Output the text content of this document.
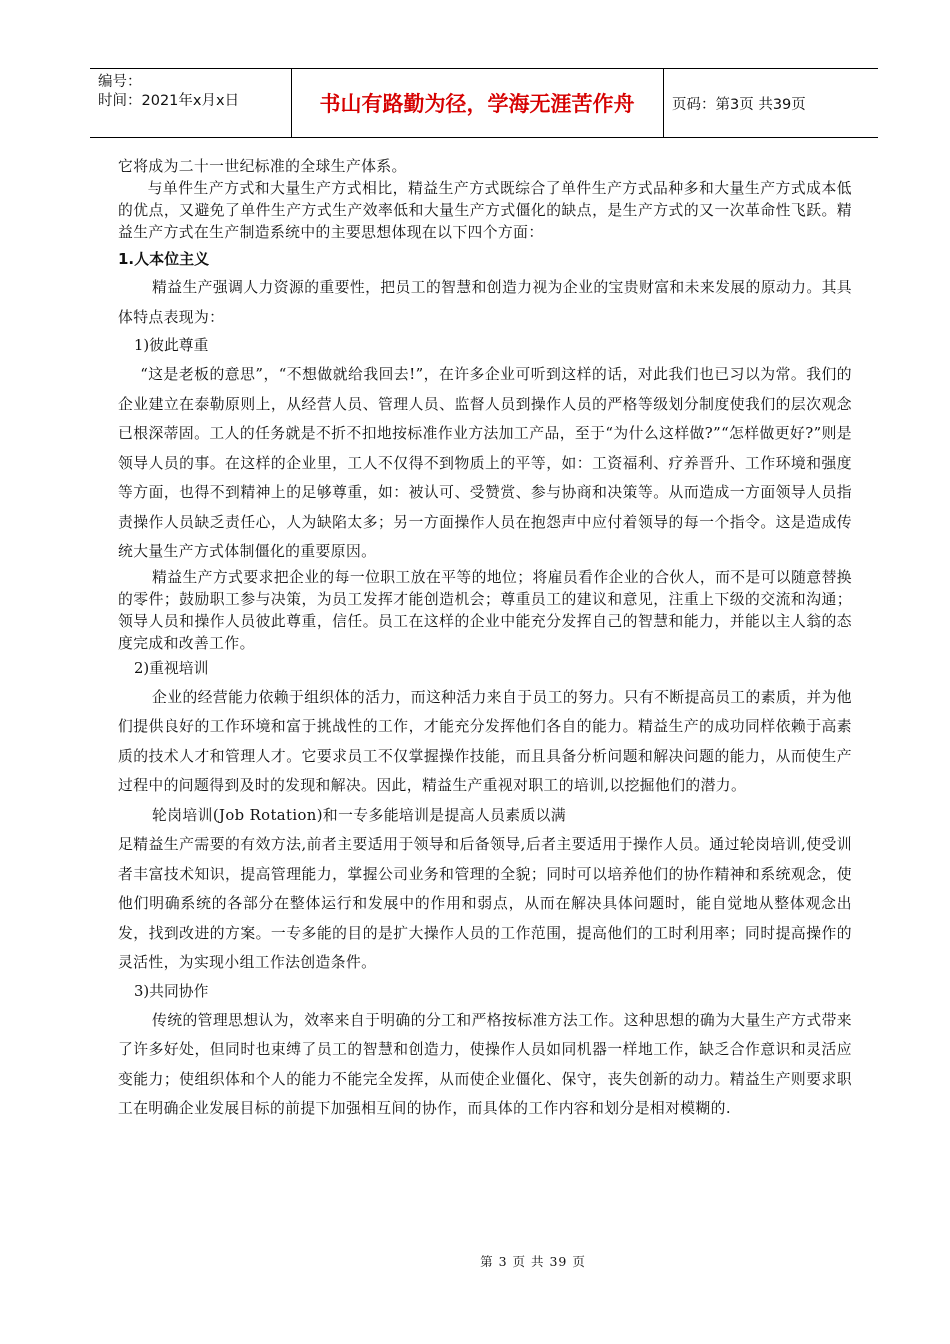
编号：
时间：2021年x月x日	书山有路勤为径，学海无涯苦作舟	页码：第3页 共39页

它将成为二十一世纪标准的全球生产体系。

与单件生产方式和大量生产方式相比，精益生产方式既综合了单件生产方式品种多和大量生产方式成本低的优点，又避免了单件生产方式生产效率低和大量生产方式僵化的缺点，是生产方式的又一次革命性飞跃。精益生产方式在生产制造系统中的主要思想体现在以下四个方面：

1.人本位主义

精益生产强调人力资源的重要性，把员工的智慧和创造力视为企业的宝贵财富和未来发展的原动力。其具体特点表现为：

1)彼此尊重

“这是老板的意思”，“不想做就给我回去!”，在许多企业可听到这样的话，对此我们也已习以为常。我们的企业建立在泰勒原则上，从经营人员、管理人员、监督人员到操作人员的严格等级划分制度使我们的层次观念已根深蒂固。工人的任务就是不折不扣地按标准作业方法加工产品，至于“为什么这样做?”“怎样做更好?”则是领导人员的事。在这样的企业里，工人不仅得不到物质上的平等，如：工资福利、疗养晋升、工作环境和强度等方面，也得不到精神上的足够尊重，如：被认可、受赞赏、参与协商和决策等。从而造成一方面领导人员指责操作人员缺乏责任心，人为缺陷太多；另一方面操作人员在抱怨声中应付着领导的每一个指令。这是造成传统大量生产方式体制僵化的重要原因。

精益生产方式要求把企业的每一位职工放在平等的地位；将雇员看作企业的合伙人，而不是可以随意替换的零件；鼓励职工参与决策，为员工发挥才能创造机会；尊重员工的建议和意见，注重上下级的交流和沟通；领导人员和操作人员彼此尊重，信任。员工在这样的企业中能充分发挥自己的智慧和能力，并能以主人翁的态度完成和改善工作。

2)重视培训

企业的经营能力依赖于组织体的活力，而这种活力来自于员工的努力。只有不断提高员工的素质，并为他们提供良好的工作环境和富于挑战性的工作，才能充分发挥他们各自的能力。精益生产的成功同样依赖于高素质的技术人才和管理人才。它要求员工不仅掌握操作技能，而且具备分析问题和解决问题的能力，从而使生产过程中的问题得到及时的发现和解决。因此，精益生产重视对职工的培训,以挖掘他们的潜力。

轮岗培训(Job Rotation)和一专多能培训是提高人员素质以满

足精益生产需要的有效方法,前者主要适用于领导和后备领导,后者主要适用于操作人员。通过轮岗培训,使受训者丰富技术知识，提高管理能力，掌握公司业务和管理的全貌；同时可以培养他们的协作精神和系统观念，使他们明确系统的各部分在整体运行和发展中的作用和弱点，从而在解决具体问题时，能自觉地从整体观念出发，找到改进的方案。一专多能的目的是扩大操作人员的工作范围，提高他们的工时利用率；同时提高操作的灵活性，为实现小组工作法创造条件。

3)共同协作

传统的管理思想认为，效率来自于明确的分工和严格按标准方法工作。这种思想的确为大量生产方式带来了许多好处，但同时也束缚了员工的智慧和创造力，使操作人员如同机器一样地工作，缺乏合作意识和灵活应变能力；使组织体和个人的能力不能完全发挥，从而使企业僵化、保守，丧失创新的动力。精益生产则要求职工在明确企业发展目标的前提下加强相互间的协作，而具体的工作内容和划分是相对模糊的.

第 3 页 共 39 页
